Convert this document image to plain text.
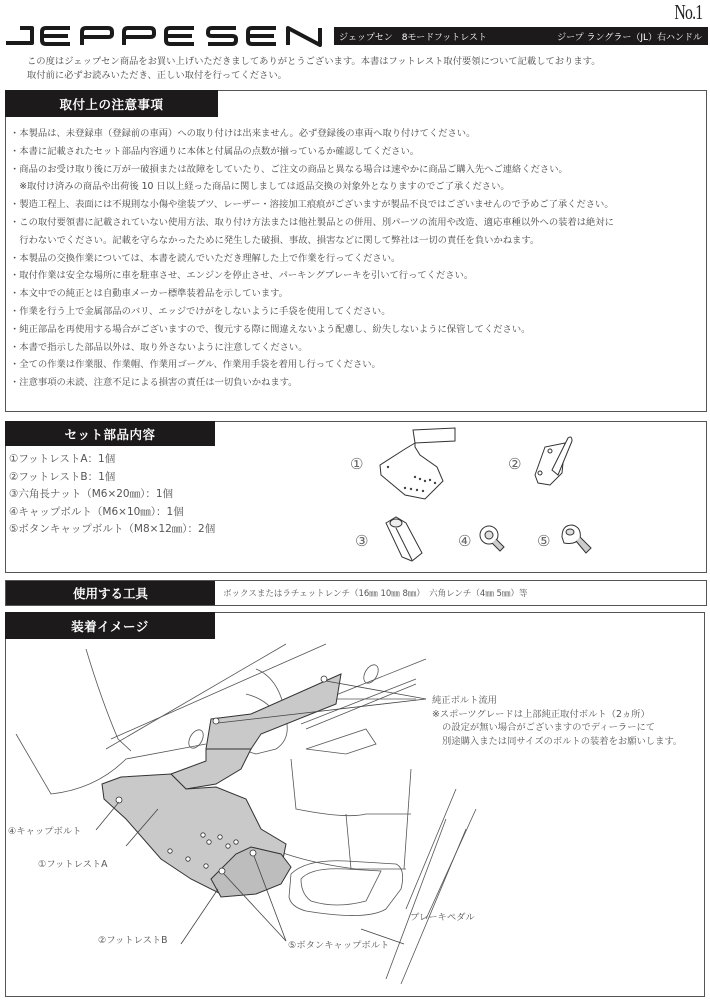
No.1
ジェップセン　8モードフットレスト	ジープ ラングラー（JL）右ハンドル
この度はジェップセン商品をお買い上げいただきましてありがとうございます。本書はフットレスト取付要領について記載しております。
取付前に必ずお読みいただき、正しい取付を行ってください。
取付上の注意事項
・本製品は、未登録車（登録前の車両）への取り付けは出来ません。必ず登録後の車両へ取り付けてください。
・本書に記載されたセット部品内容通りに本体と付属品の点数が揃っているか確認してください。
・商品のお受け取り後に万が一破損または故障をしていたり、ご注文の商品と異なる場合は速やかに商品ご購入先へご連絡ください。
　※取付け済みの商品や出荷後 10 日以上経った商品に関しましては返品交換の対象外となりますのでご了承ください。
・製造工程上、表面には不規則な小傷や塗装ブツ、レーザー・溶接加工痕痕がございますが製品不良ではございませんので予めご了承ください。
・この取付要領書に記載されていない使用方法、取り付け方法または他社製品との併用、別パーツの流用や改造、適応車種以外への装着は絶対に
　行わないでください。記載を守らなかったために発生した破損、事故、損害などに関して弊社は一切の責任を負いかねます。
・本製品の交換作業については、本書を読んでいただき理解した上で作業を行ってください。
・取付作業は安全な場所に車を駐車させ、エンジンを停止させ、パーキングブレーキを引いて行ってください。
・本文中での純正とは自動車メーカー標準装着品を示しています。
・作業を行う上で金属部品のバリ、エッジでけがをしないように手袋を使用してください。
・純正部品を再使用する場合がございますので、復元する際に間違えないよう配慮し、紛失しないように保管してください。
・本書で指示した部品以外は、取り外さないように注意してください。
・全ての作業は作業服、作業帽、作業用ゴーグル、作業用手袋を着用し行ってください。
・注意事項の未読、注意不足による損害の責任は一切負いかねます。
セット部品内容
①フットレストA：1個
②フットレストB：1個
③六角長ナット（M6×20㎜）：1個
④キャップボルト（M6×10㎜）：1個
⑤ボタンキャップボルト（M8×12㎜）：2個
①	②
③	④	⑤
使用する工具	ボックスまたはラチェットレンチ（16㎜ 10㎜ 8㎜）　六角レンチ（4㎜ 5㎜）等
装着イメージ
④キャップボルト
①フットレストA
②フットレストB	⑤ボタンキャップボルト
ブレーキペダル
純正ボルト流用
※スポーツグレードは上部純正取付ボルト（2ヵ所）
の設定が無い場合がございますのでディーラーにて
別途購入または同サイズのボルトの装着をお願いします。
